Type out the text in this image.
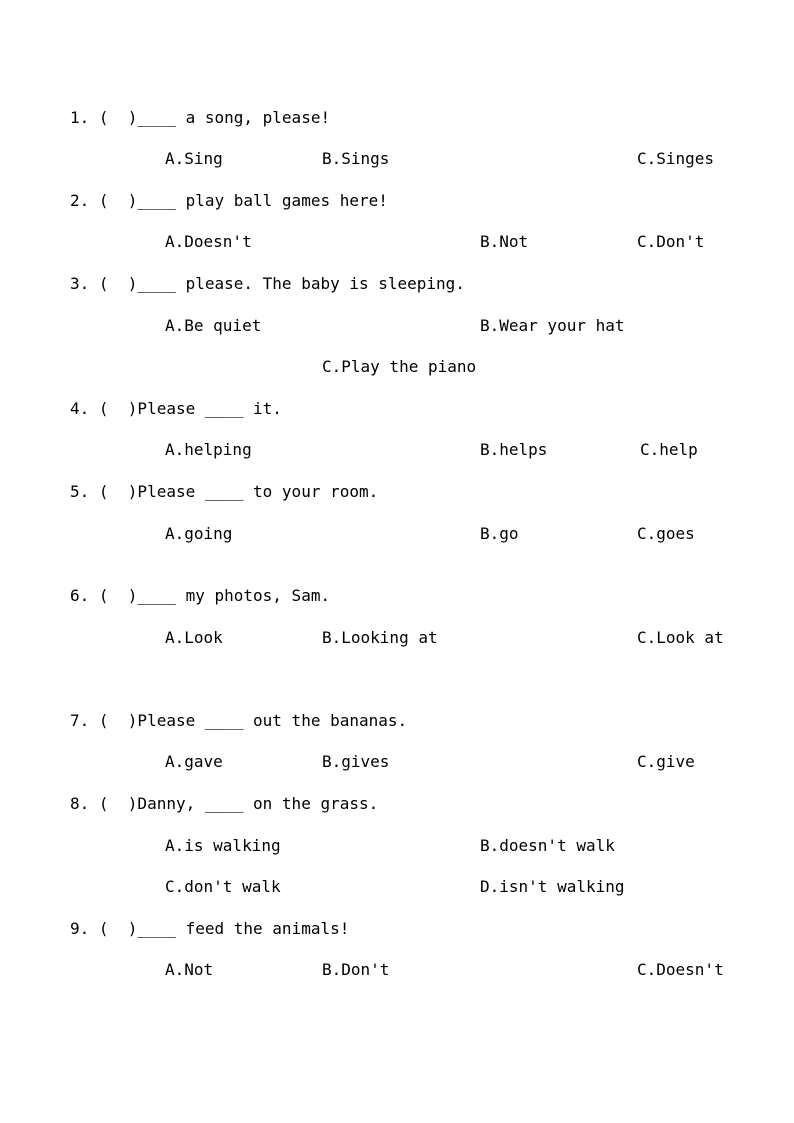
1. (  )____ a song, please!
A.Sing	B.Sings	C.Singes
2. (  )____ play ball games here!
A.Doesn't	B.Not	C.Don't
3. (  )____ please. The baby is sleeping.
A.Be quiet	B.Wear your hat
C.Play the piano
4. (  )Please ____ it.
A.helping	B.helps	C.help
5. (  )Please ____ to your room.
A.going	B.go	C.goes
6. (  )____ my photos, Sam.
A.Look	B.Looking at	C.Look at
7. (  )Please ____ out the bananas.
A.gave	B.gives	C.give
8. (  )Danny, ____ on the grass.
A.is walking	B.doesn't walk
C.don't walk	D.isn't walking
9. (  )____ feed the animals!
A.Not	B.Don't	C.Doesn't
